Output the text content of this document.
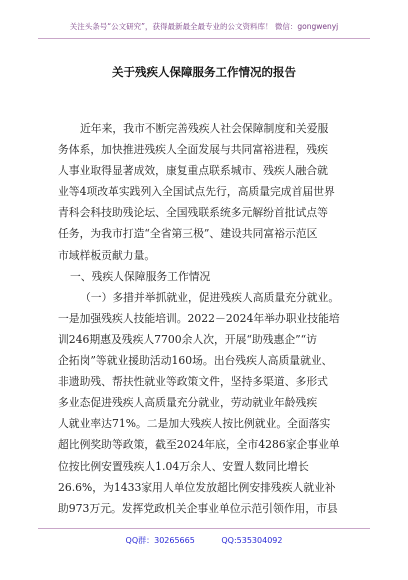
关注头条号“公文研究”，获得最新最全最专业的公文资料库！ 微信：gongwenyj
关于残疾人保障服务工作情况的报告
近年来，我市不断完善残疾人社会保障制度和关爱服
务体系，加快推进残疾人全面发展与共同富裕进程，残疾
人事业取得显著成效，康复重点联系城市、残疾人融合就
业等4项改革实践列入全国试点先行，高质量完成首届世界
青科会科技助残论坛、全国残联系统多元解纷首批试点等
任务，为我市打造“全省第三极”、建设共同富裕示范区
市域样板贡献力量。
一、残疾人保障服务工作情况
（一）多措并举抓就业，促进残疾人高质量充分就业。
一是加强残疾人技能培训。2022－2024年举办职业技能培
训246期惠及残疾人7700余人次，开展“助残惠企”“访
企拓岗”等就业援助活动160场。出台残疾人高质量就业、
非遗助残、帮扶性就业等政策文件，坚持多渠道、多形式
多业态促进残疾人高质量充分就业，劳动就业年龄残疾
人就业率达71%。二是加大残疾人按比例就业。全面落实
超比例奖助等政策，截至2024年底，全市4286家企事业单
位按比例安置残疾人1.04万余人、安置人数同比增长
26.6%，为1433家用人单位发放超比例安排残疾人就业补
助973万元。发挥党政机关企事业单位示范引领作用，市县
QQ群：30265665	QQ:535304092
